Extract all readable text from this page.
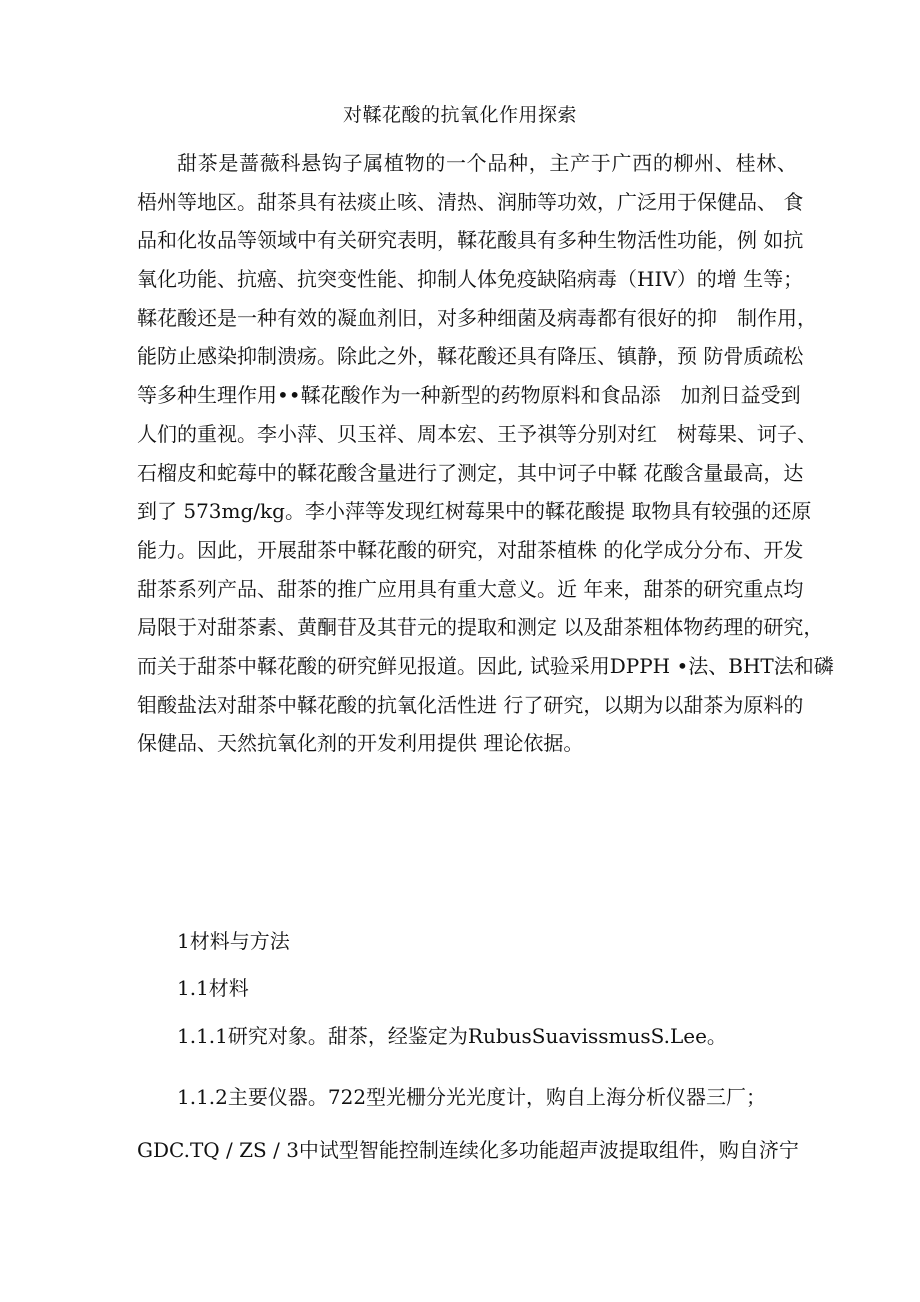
对鞣花酸的抗氧化作用探索
甜茶是蔷薇科悬钩子属植物的一个品种，主产于广西的柳州、桂林、
梧州等地区。甜茶具有祛痰止咳、清热、润肺等功效，广泛用于保健品、 食
品和化妆品等领域中有关研究表明，鞣花酸具有多种生物活性功能，例 如抗
氧化功能、抗癌、抗突变性能、抑制人体免疫缺陷病毒（HIV）的增 生等；
鞣花酸还是一种有效的凝血剂旧，对多种细菌及病毒都有很好的抑　制作用，
能防止感染抑制溃疡。除此之外，鞣花酸还具有降压、镇静，预 防骨质疏松
等多种生理作用••鞣花酸作为一种新型的药物原料和食品添　加剂日益受到
人们的重视。李小萍、贝玉祥、周本宏、王予祺等分别对红　树莓果、诃子、
石榴皮和蛇莓中的鞣花酸含量进行了测定，其中诃子中鞣 花酸含量最高，达
到了 573mg/kg。李小萍等发现红树莓果中的鞣花酸提 取物具有较强的还原
能力。因此，开展甜茶中鞣花酸的研究，对甜茶植株 的化学成分分布、开发
甜茶系列产品、甜茶的推广应用具有重大意义。近 年来，甜茶的研究重点均
局限于对甜茶素、黄酮苷及其苷元的提取和测定 以及甜茶粗体物药理的研究，
而关于甜茶中鞣花酸的研究鲜见报道。因此, 试验采用DPPH •法、BHT法和磷
钼酸盐法对甜茶中鞣花酸的抗氧化活性进 行了研究，以期为以甜茶为原料的
保健品、天然抗氧化剂的开发利用提供 理论依据。
1材料与方法
1.1材料
1.1.1研究对象。甜茶，经鉴定为RubusSuavissmusS.Lee。
1.1.2主要仪器。722型光栅分光光度计，购自上海分析仪器三厂；
GDC.TQ / ZS / 3中试型智能控制连续化多功能超声波提取组件，购自济宁
